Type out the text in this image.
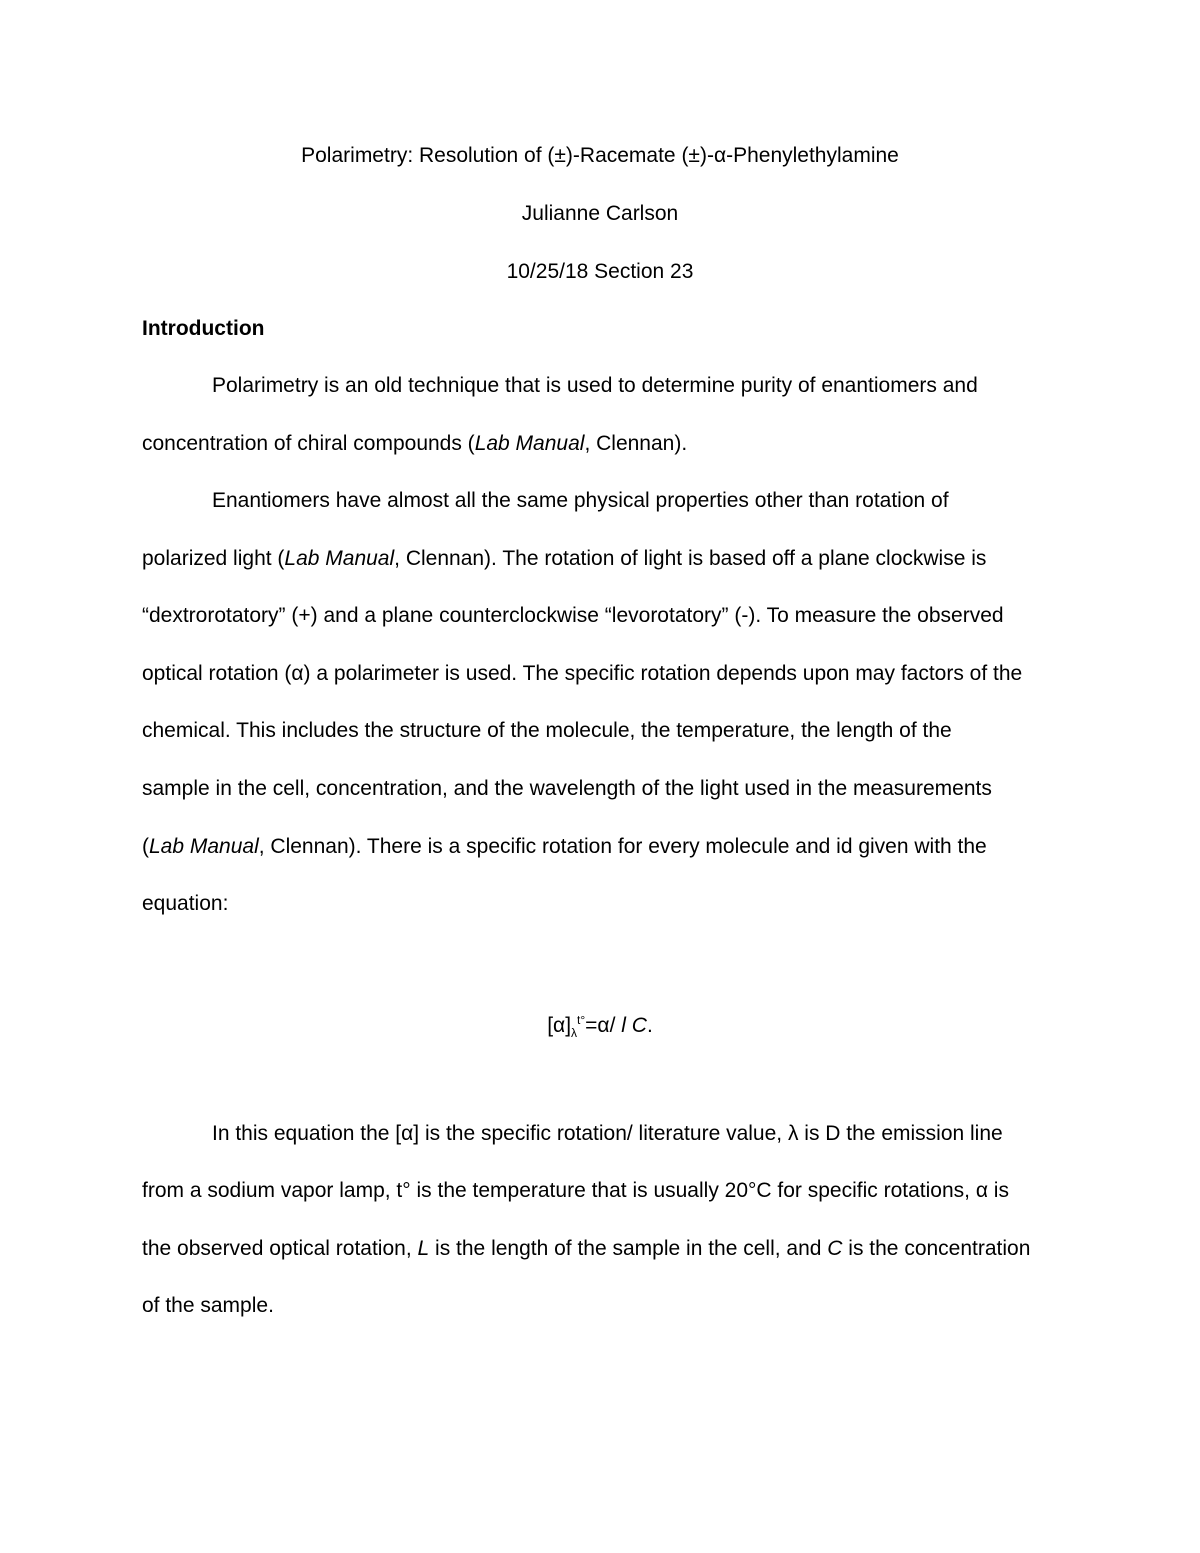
Polarimetry: Resolution of (±)-Racemate (±)-α-Phenylethylamine

Julianne Carlson

10/25/18 Section 23

Introduction

Polarimetry is an old technique that is used to determine purity of enantiomers and

concentration of chiral compounds (Lab Manual, Clennan).

Enantiomers have almost all the same physical properties other than rotation of

polarized light (Lab Manual, Clennan). The rotation of light is based off a plane clockwise is

“dextrorotatory” (+) and a plane counterclockwise “levorotatory” (-). To measure the observed

optical rotation (α) a polarimeter is used. The specific rotation depends upon may factors of the

chemical. This includes the structure of the molecule, the temperature, the length of the

sample in the cell, concentration, and the wavelength of the light used in the measurements

(Lab Manual, Clennan). There is a specific rotation for every molecule and id given with the

equation:

$[\alpha]_\lambda^{t^\circ}=\alpha/$ l C.

In this equation the [α] is the specific rotation/ literature value, λ is D the emission line

from a sodium vapor lamp, t° is the temperature that is usually 20°C for specific rotations, α is

the observed optical rotation, L is the length of the sample in the cell, and C is the concentration

of the sample.
